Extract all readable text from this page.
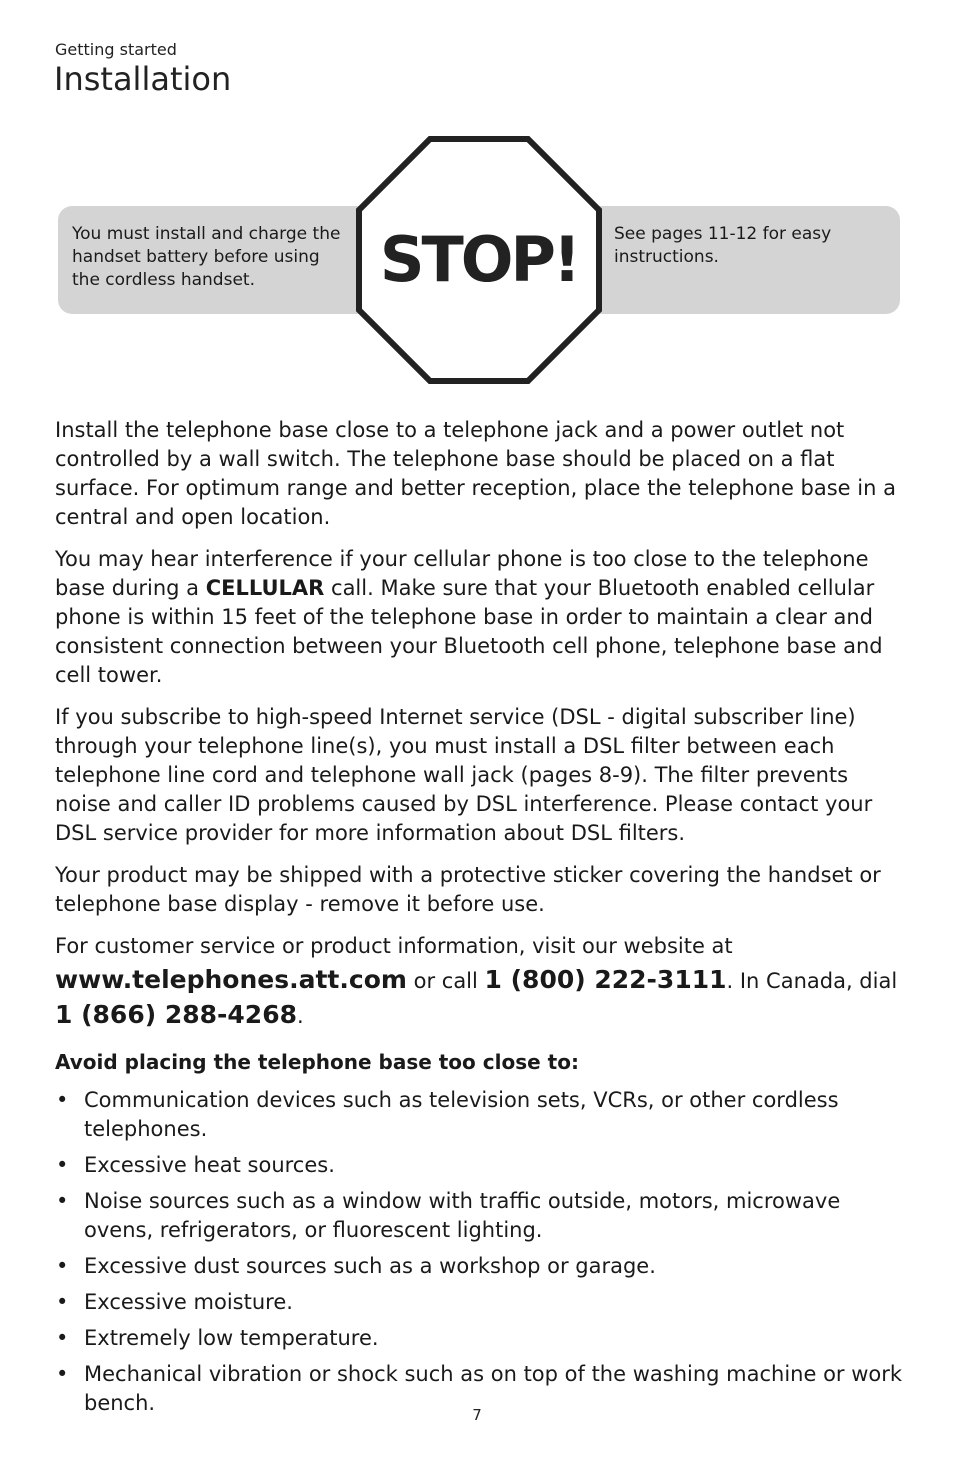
Getting started
Installation
You must install and charge the handset battery before using the cordless handset.
See pages 11-12 for easy instructions.
STOP!

Install the telephone base close to a telephone jack and a power outlet not controlled by a wall switch. The telephone base should be placed on a flat surface. For optimum range and better reception, place the telephone base in a central and open location.

You may hear interference if your cellular phone is too close to the telephone base during a CELLULAR call. Make sure that your Bluetooth enabled cellular phone is within 15 feet of the telephone base in order to maintain a clear and consistent connection between your Bluetooth cell phone, telephone base and cell tower.

If you subscribe to high-speed Internet service (DSL - digital subscriber line) through your telephone line(s), you must install a DSL filter between each telephone line cord and telephone wall jack (pages 8-9). The filter prevents noise and caller ID problems caused by DSL interference. Please contact your DSL service provider for more information about DSL filters.

Your product may be shipped with a protective sticker covering the handset or telephone base display - remove it before use.

For customer service or product information, visit our website at

www.telephones.att.com or call 1 (800) 222-3111. In Canada, dial

1 (866) 288-4268.

Avoid placing the telephone base too close to:
• Communication devices such as television sets, VCRs, or other cordless telephones.
• Excessive heat sources.
• Noise sources such as a window with traffic outside, motors, microwave ovens, refrigerators, or fluorescent lighting.
• Excessive dust sources such as a workshop or garage.
• Excessive moisture.
• Extremely low temperature.
• Mechanical vibration or shock such as on top of the washing machine or work bench.	7
